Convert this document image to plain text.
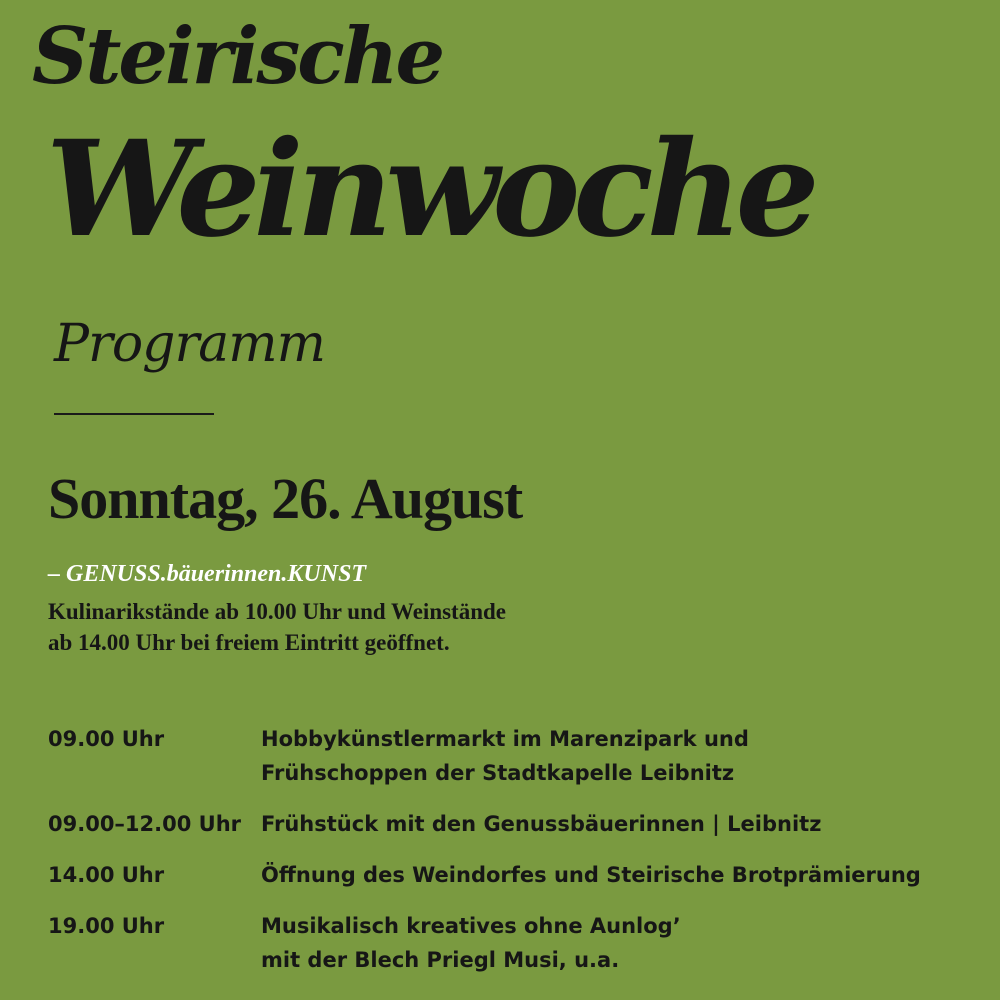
Steirische
Weinwoche
Programm
Sonntag, 26. August
– GENUSS.bäuerinnen.KUNST
Kulinarikstände ab 10.00 Uhr und Weinstände
ab 14.00 Uhr bei freiem Eintritt geöffnet.
09.00 Uhr	Hobbykünstlermarkt im Marenzipark und
Frühschoppen der Stadtkapelle Leibnitz
09.00–12.00 Uhr Frühstück mit den Genussbäuerinnen | Leibnitz
14.00 Uhr	Öffnung des Weindorfes und Steirische Brotprämierung
19.00 Uhr	Musikalisch kreatives ohne Aunlog’
mit der Blech Priegl Musi, u.a.
